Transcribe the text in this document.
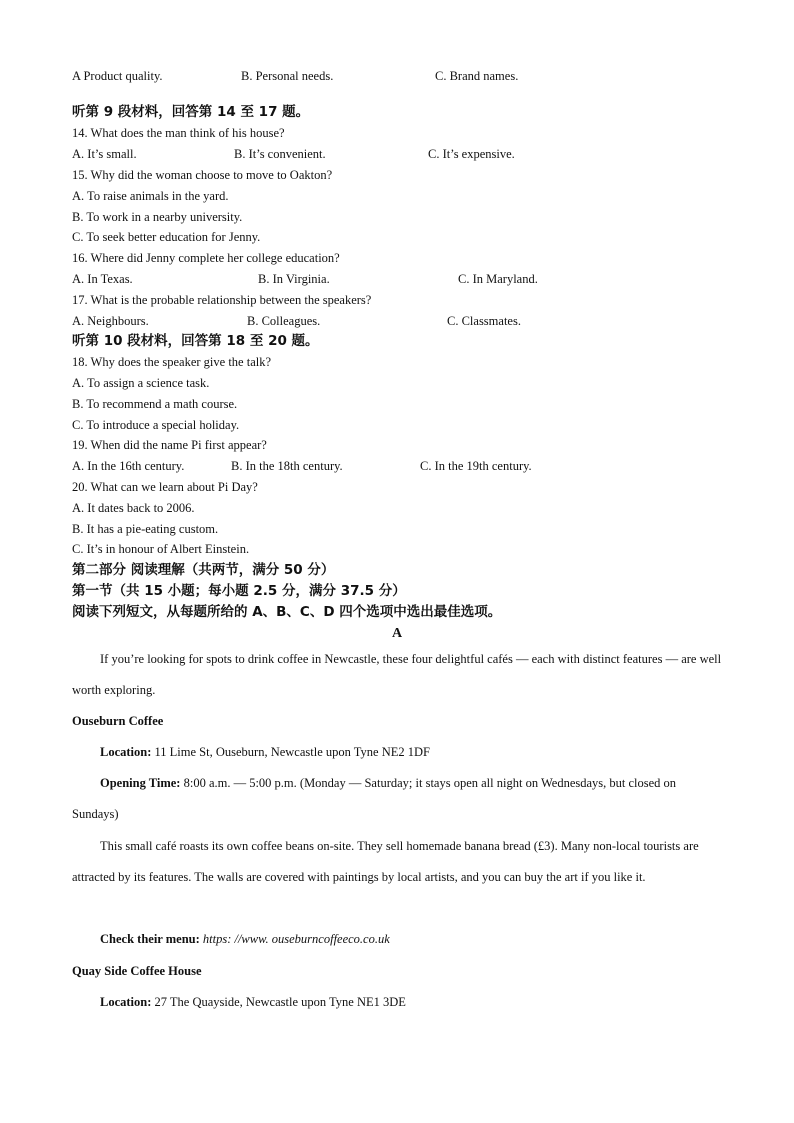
A Product quality.	B. Personal needs.	C. Brand names.
听第 9 段材料，回答第 14 至 17 题。
14. What does the man think of his house?
A. It’s small.	B. It’s convenient.	C. It’s expensive.
15. Why did the woman choose to move to Oakton?
A. To raise animals in the yard.
B. To work in a nearby university.
C. To seek better education for Jenny.
16. Where did Jenny complete her college education?
A. In Texas.	B. In Virginia.	C. In Maryland.
17. What is the probable relationship between the speakers?
A. Neighbours.	B. Colleagues.	C. Classmates.
听第 10 段材料，回答第 18 至 20 题。
18. Why does the speaker give the talk?
A. To assign a science task.
B. To recommend a math course.
C. To introduce a special holiday.
19. When did the name Pi first appear?
A. In the 16th century.	B. In the 18th century.	C. In the 19th century.
20. What can we learn about Pi Day?
A. It dates back to 2006.
B. It has a pie-eating custom.
C. It’s in honour of Albert Einstein.
第二部分 阅读理解（共两节，满分 50 分）
第一节（共 15 小题；每小题 2.5 分，满分 37.5 分）
阅读下列短文，从每题所给的 A、B、C、D 四个选项中选出最佳选项。
A
If you’re looking for spots to drink coffee in Newcastle, these four delightful cafés — each with distinct features — are well worth exploring.
Ouseburn Coffee
Location: 11 Lime St, Ouseburn, Newcastle upon Tyne NE2 1DF
Opening Time: 8:00 a.m. — 5:00 p.m. (Monday — Saturday; it stays open all night on Wednesdays, but closed on Sundays)
This small café roasts its own coffee beans on-site. They sell homemade banana bread (£3). Many non-local tourists are attracted by its features. The walls are covered with paintings by local artists, and you can buy the art if you like it.
Check their menu: https: //www. ouseburncoffeeco.co.uk
Quay Side Coffee House
Location: 27 The Quayside, Newcastle upon Tyne NE1 3DE
